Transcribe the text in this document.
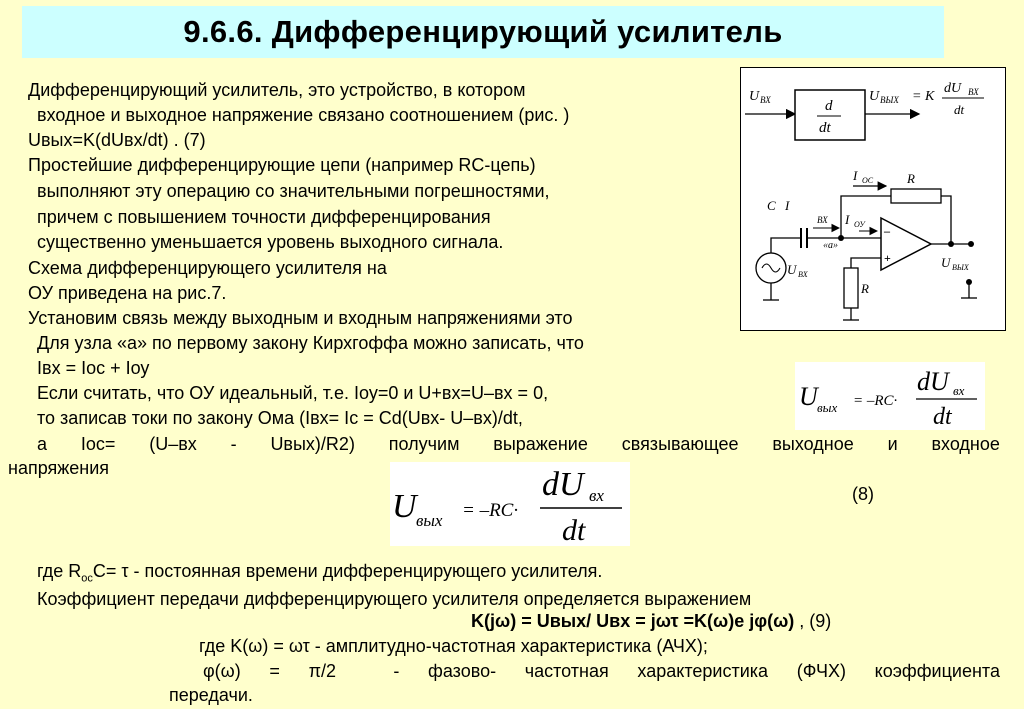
9.6.6. Дифференцирующий усилитель
Дифференцирующий усилитель, это устройство, в котором
входное и выходное напряжение связано соотношением (рис. )
Uвых=K(dUвх/dt) . (7)
Простейшие дифференцирующие цепи (например RC-цепь)
выполняют эту операцию со значительными погрешностями,
причем с повышением точности дифференцирования
существенно уменьшается уровень выходного сигнала.
Схема дифференцирующего усилителя на
ОУ приведена на рис.7.
Установим связь между выходным и входным напряжениями это
Для узла «а» по первому закону Кирхгоффа можно записать, что
Iвх = Iос + Iоу
Если считать, что ОУ идеальный, т.е. Iоу=0 и U+вх=U–вх = 0,
то записав токи по закону Ома (Iвх= Ic = Cd(Uвх- U–вх)/dt,
а Iос= (U–вх - Uвых)/R2) получим выражение связывающее выходное и входное
напряжения
U вых = –RC·
dU вх
dt
U вых = –RC·
dU вх
dt
(8)
где $R_{ос}C= \tau$ - постоянная времени дифференцирующего усилителя.
Коэффициент передачи дифференцирующего усилителя определяется выражением
K(jω) = Uвых/ Uвх = jωτ =K(ω)e jφ(ω) , (9)
где K(ω) = ωτ - амплитудно-частотная характеристика (АЧХ);
φ(ω) = π/2	- фазово- частотная характеристика (ФЧХ) коэффициента
передачи.
U ВХ	d
dt
U ВЫХ = K
dU ВХ
dt
I ОС	R
U ВХ
C I
ВХ
«а»
I ОУ –
+
R
U ВЫХ
